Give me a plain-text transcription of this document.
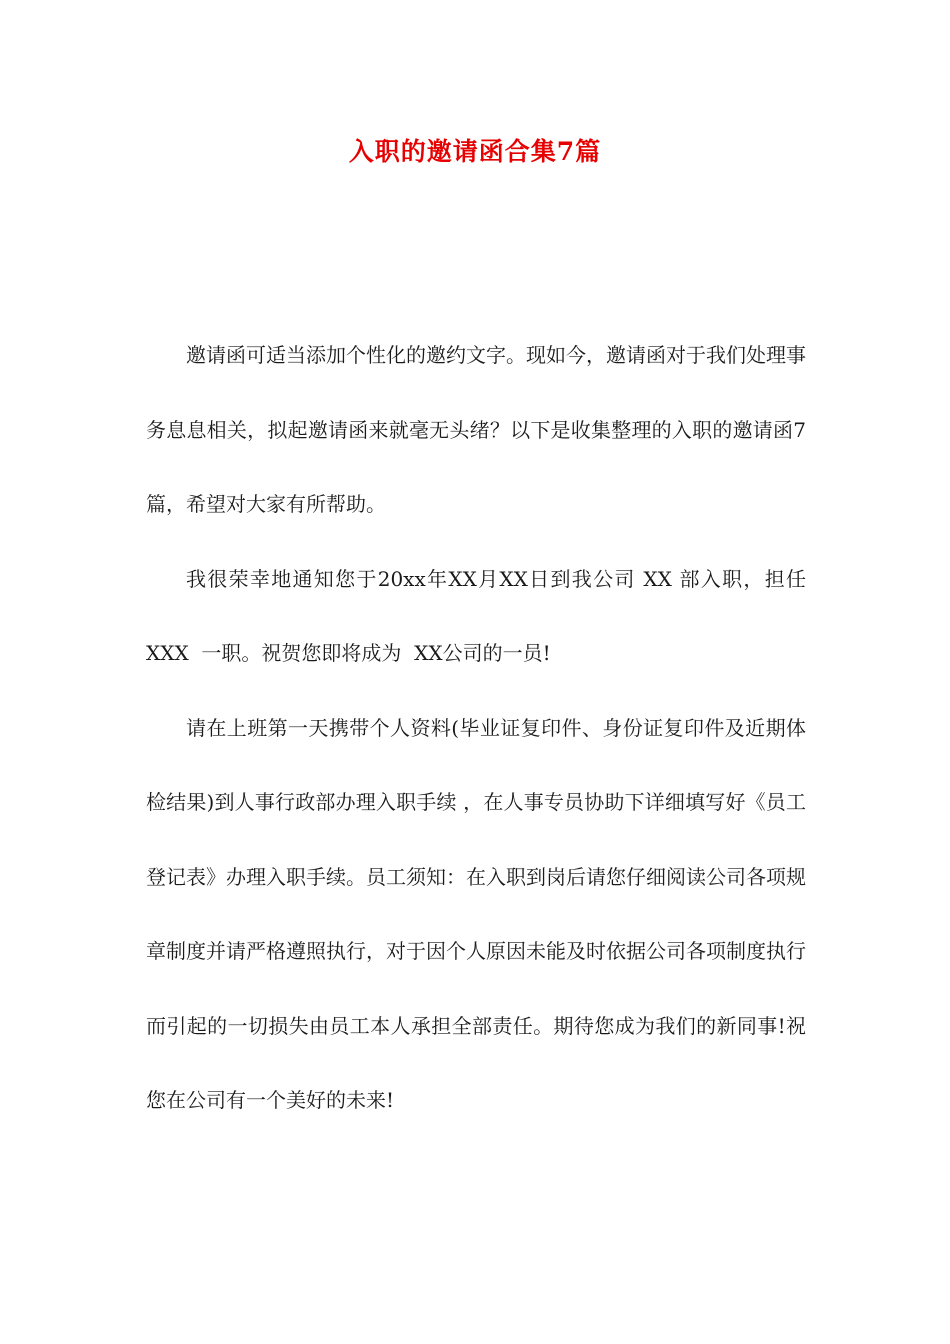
入职的邀请函合集7篇

邀请函可适当添加个性化的邀约文字。现如今，邀请函对于我们处理事务息息相关，拟起邀请函来就毫无头绪？以下是收集整理的入职的邀请函7篇，希望对大家有所帮助。

我很荣幸地通知您于20xx年XX月XX日到我公司 XX 部入职，担任  XXX  一职。祝贺您即将成为  XX公司的一员!

请在上班第一天携带个人资料(毕业证复印件、身份证复印件及近期体检结果)到人事行政部办理入职手续 ，在人事专员协助下详细填写好《员工登记表》办理入职手续。员工须知：在入职到岗后请您仔细阅读公司各项规章制度并请严格遵照执行，对于因个人原因未能及时依据公司各项制度执行而引起的一切损失由员工本人承担全部责任。期待您成为我们的新同事!祝您在公司有一个美好的未来!
